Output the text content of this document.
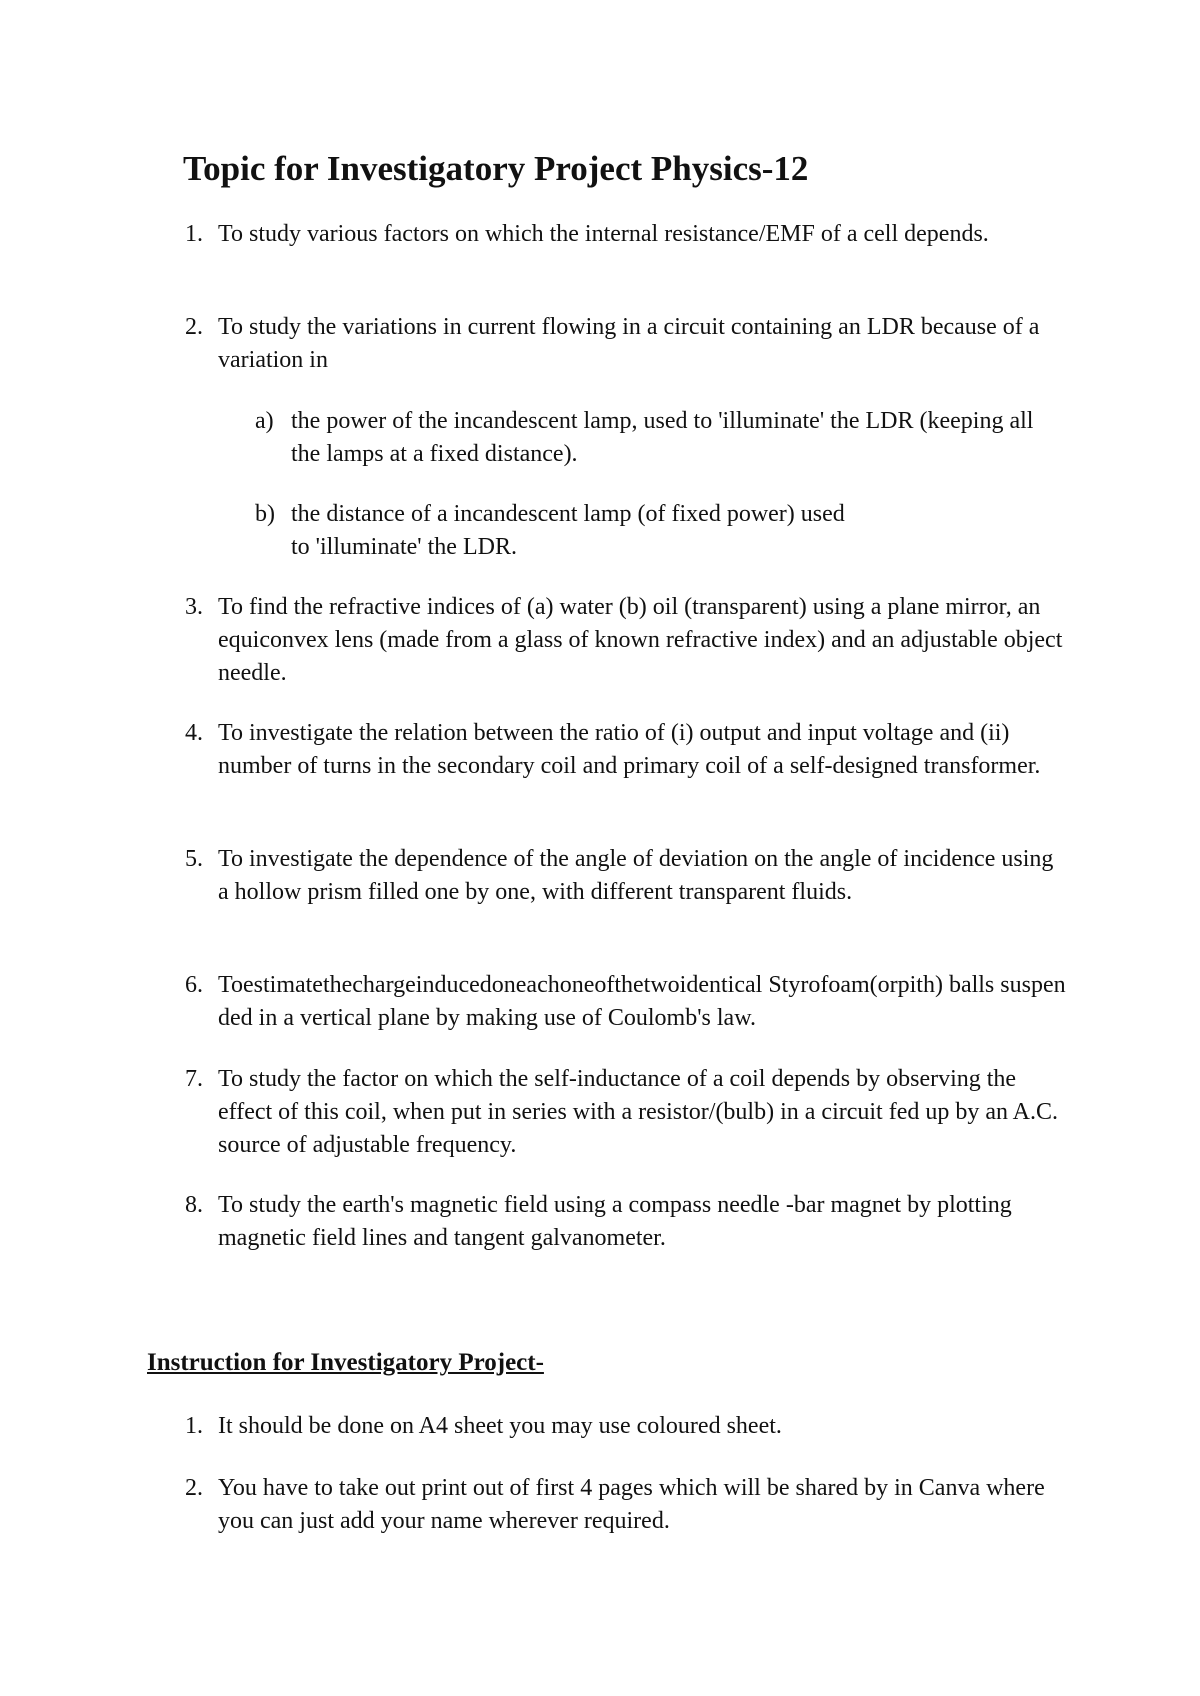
Topic for Investigatory Project Physics-12
1. To study various factors on which the internal resistance/EMF of a cell depends.
2. To study the variations in current flowing in a circuit containing an LDR because of a variation in
a) the power of the incandescent lamp, used to 'illuminate' the LDR (keeping all the lamps at a fixed distance).
b) the distance of a incandescent lamp (of fixed power) used to 'illuminate' the LDR.
3. To find the refractive indices of (a) water (b) oil (transparent) using a plane mirror, an equiconvex lens (made from a glass of known refractive index) and an adjustable object needle.
4. To investigate the relation between the ratio of (i) output and input voltage and (ii) number of turns in the secondary coil and primary coil of a self-designed transformer.
5. To investigate the dependence of the angle of deviation on the angle of incidence using a hollow prism filled one by one, with different transparent fluids.
6. Toestimatethechargeinducedoneachoneofthetwoidentical Styrofoam(orpith) balls suspended in a vertical plane by making use of Coulomb's law.
7. To study the factor on which the self-inductance of a coil depends by observing the effect of this coil, when put in series with a resistor/(bulb) in a circuit fed up by an A.C. source of adjustable frequency.
8. To study the earth's magnetic field using a compass needle -bar magnet by plotting magnetic field lines and tangent galvanometer.
Instruction for Investigatory Project-
1. It should be done on A4 sheet you may use coloured sheet.
2. You have to take out print out of first 4 pages which will be shared by in Canva where you can just add your name wherever required.
